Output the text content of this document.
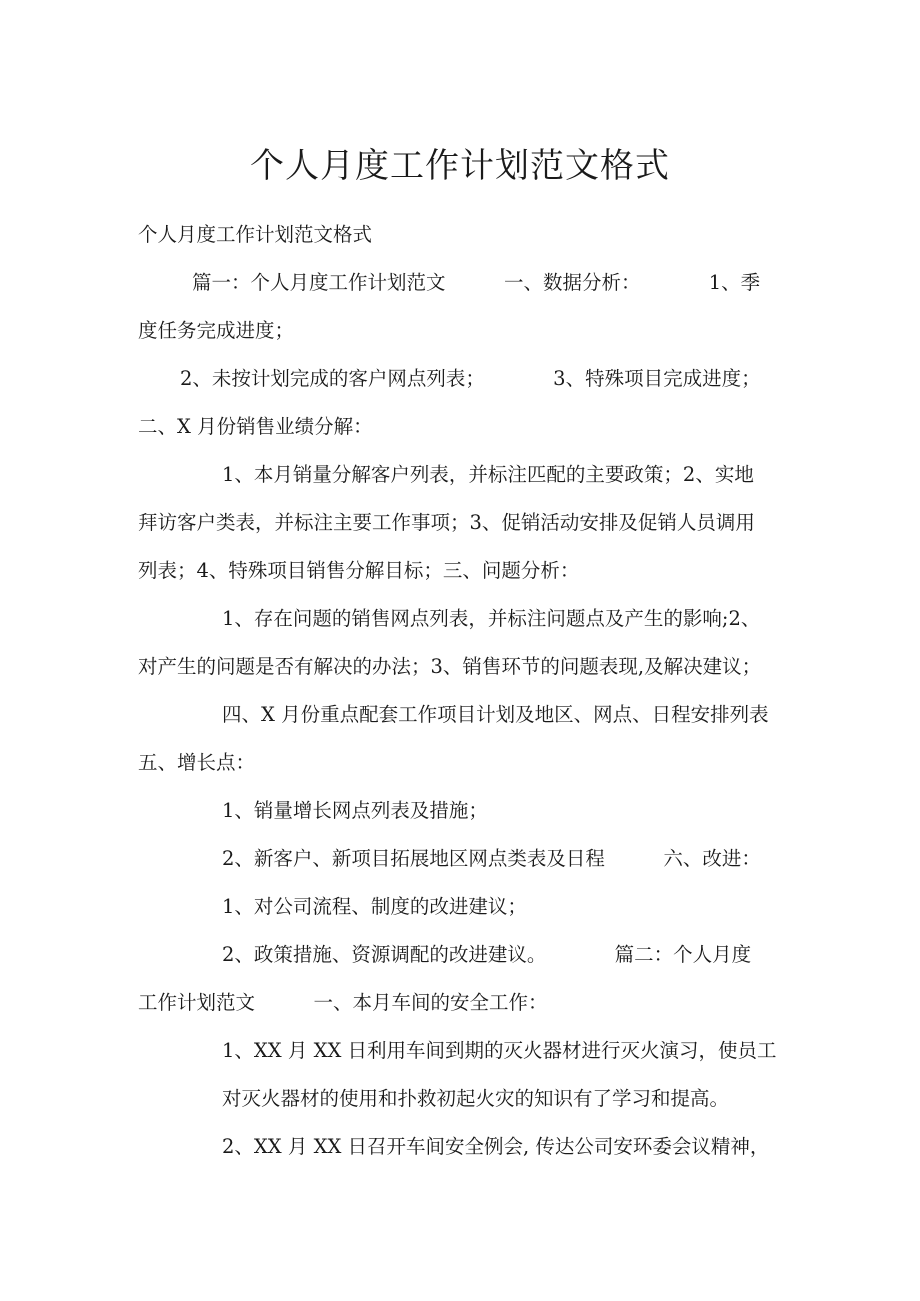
个人月度工作计划范文格式
个人月度工作计划范文格式
篇一：个人月度工作计划范文　　　一、数据分析：　　　　1、季
度任务完成进度；
2、未按计划完成的客户网点列表；　　　　3、特殊项目完成进度；
二、X 月份销售业绩分解：
1、本月销量分解客户列表，并标注匹配的主要政策；2、实地
拜访客户类表，并标注主要工作事项；3、促销活动安排及促销人员调用
列表；4、特殊项目销售分解目标；三、问题分析：
1、存在问题的销售网点列表，并标注问题点及产生的影响;2、
对产生的问题是否有解决的办法；3、销售环节的问题表现,及解决建议；
四、X 月份重点配套工作项目计划及地区、网点、日程安排列表
五、增长点：
1、销量增长网点列表及措施；
2、新客户、新项目拓展地区网点类表及日程　　　六、改进：
1、对公司流程、制度的改进建议；
2、政策措施、资源调配的改进建议。　　　　篇二：个人月度
工作计划范文　　　一、本月车间的安全工作：
1、XX 月 XX 日利用车间到期的灭火器材进行灭火演习，使员工
对灭火器材的使用和扑救初起火灾的知识有了学习和提高。
2、XX 月 XX 日召开车间安全例会, 传达公司安环委会议精神，
